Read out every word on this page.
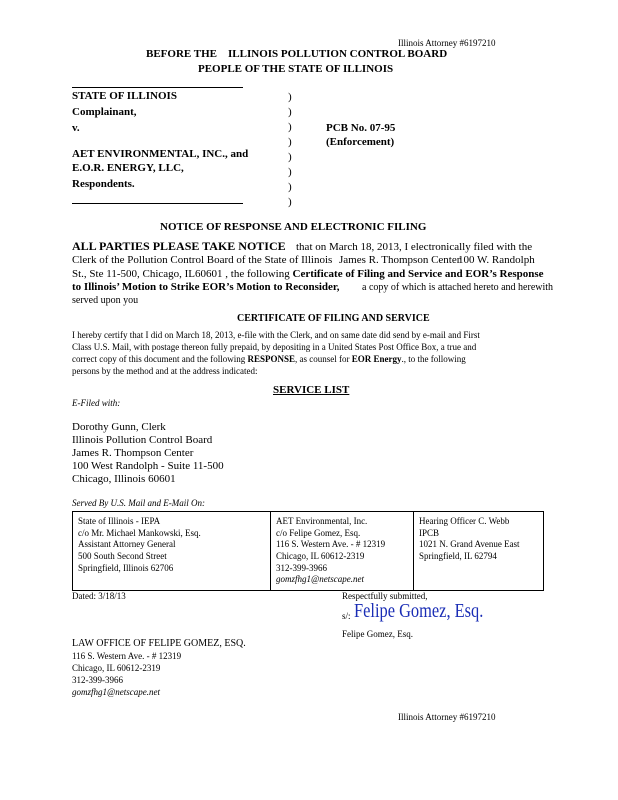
Illinois Attorney #6197210
BEFORE THE    ILLINOIS POLLUTION CONTROL BOARD
PEOPLE OF THE STATE OF ILLINOIS
STATE OF ILLINOIS
Complainant,
v.
AET ENVIRONMENTAL, INC., and
E.O.R. ENERGY, LLC,
Respondents.
)
)
)
)
)
)
)
)
PCB No. 07-95
(Enforcement)
NOTICE OF RESPONSE AND ELECTRONIC FILING
ALL PARTIES PLEASE TAKE NOTICE that on March 18, 2013, I electronically filed with the
Clerk of the Pollution Control Board of the State of Illinois James R. Thompson Center
100 W. Randolph
St., Ste 11-500, Chicago, IL60601 , the following Certificate of Filing and Service and EOR’s Response
to Illinois’ Motion to Strike EOR’s Motion to Reconsider, a copy of which is attached hereto and herewith
served upon you
CERTIFICATE OF FILING AND SERVICE
I hereby certify that I did on March 18, 2013, e-file with the Clerk, and on same date did send by e-mail and First
Class U.S. Mail, with postage thereon fully prepaid, by depositing in a United States Post Office Box, a true and
correct copy of this document and the following RESPONSE, as counsel for EOR Energy., to the following
persons by the method and at the address indicated:
SERVICE LIST
E-Filed with:
Dorothy Gunn, Clerk
Illinois Pollution Control Board
James R. Thompson Center
100 West Randolph - Suite 11-500
Chicago, Illinois 60601
Served By U.S. Mail and E-Mail On:
State of Illinois - IEPA
c/o Mr. Michael Mankowski, Esq.
Assistant Attorney General
500 South Second Street
Springfield, Illinois 62706

AET Environmental, Inc.
c/o Felipe Gomez, Esq.
116 S. Western Ave. - # 12319
Chicago, IL 60612-2319
312-399-3966
gomzfhg1@netscape.net

Hearing Officer C. Webb
IPCB
1021 N. Grand Avenue East
Springfield, IL 62794
Dated: 3/18/13	Respectfully submitted,
s/: Felipe Gomez, Esq.
Felipe Gomez, Esq.
LAW OFFICE OF FELIPE GOMEZ, ESQ.
116 S. Western Ave. - # 12319
Chicago, IL 60612-2319
312-399-3966
gomzfhg1@netscape.net
Illinois Attorney #6197210
